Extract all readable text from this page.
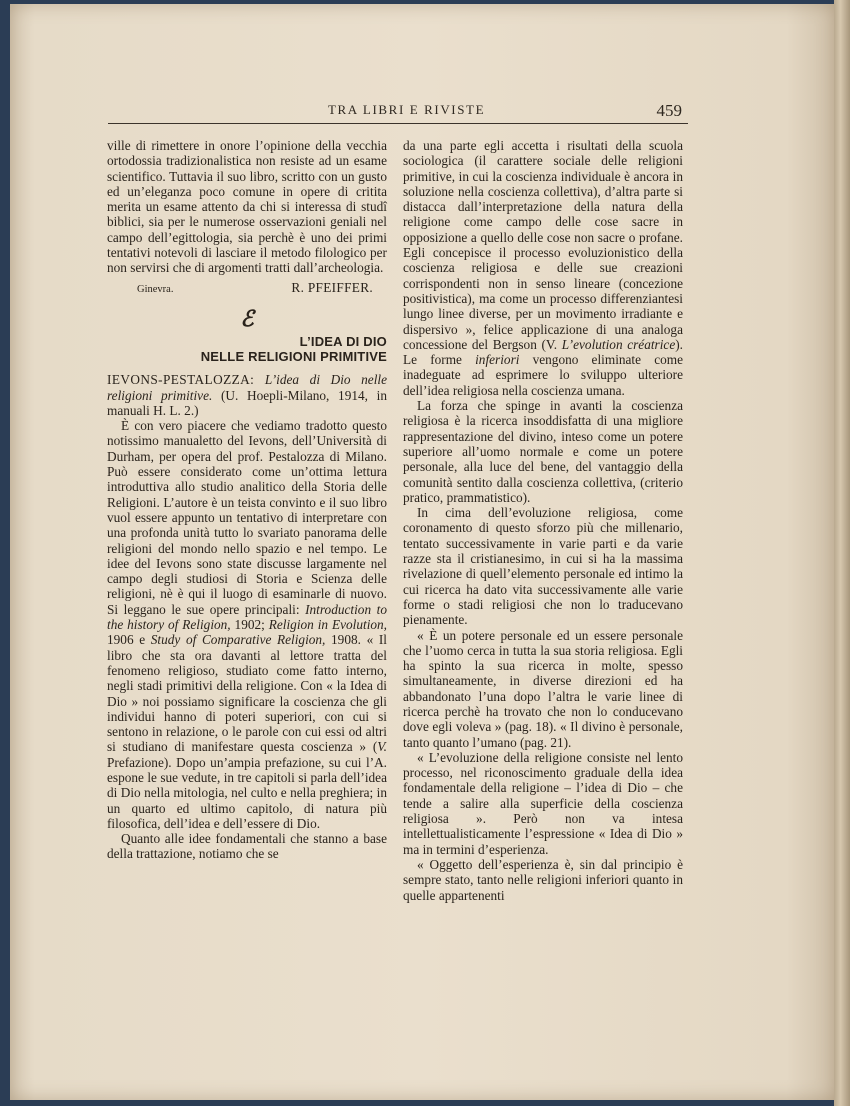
TRA LIBRI E RIVISTE	459

ville di rimettere in onore l’opinione della vecchia ortodossia tradizionalistica non resiste ad un esame scientifico. Tuttavia il suo libro, scritto con un gusto ed un’eleganza poco comune in opere di critita merita un esame attento da chi si interessa di studî biblici, sia per le numerose osservazioni geniali nel campo dell’egittologia, sia perchè è uno dei primi tentativi notevoli di lasciare il metodo filologico per non servirsi che di argomenti tratti dall’archeologia.

Ginevra.	R. PFEIFFER.
ℰ
L’IDEA DI DIO
NELLE RELIGIONI PRIMITIVE

IEVONS-PESTALOZZA: L’idea di Dio nelle religioni primitive. (U. Hoepli-Milano, 1914, in manuali H. L. 2.)

È con vero piacere che vediamo tradotto questo notissimo manualetto del Ievons, dell’Università di Durham, per opera del prof. Pestalozza di Milano. Può essere considerato come un’ottima lettura introduttiva allo studio analitico della Storia delle Religioni. L’autore è un teista convinto e il suo libro vuol essere appunto un tentativo di interpretare con una profonda unità tutto lo svariato panorama delle religioni del mondo nello spazio e nel tempo. Le idee del Ievons sono state discusse largamente nel campo degli studiosi di Storia e Scienza delle religioni, nè è qui il luogo di esaminarle di nuovo. Si leggano le sue opere principali: Introduction to the history of Religion, 1902; Religion in Evolution, 1906 e Study of Comparative Religion, 1908. « Il libro che sta ora davanti al lettore tratta del fenomeno religioso, studiato come fatto interno, negli stadi primitivi della religione. Con « la Idea di Dio » noi possiamo significare la coscienza che gli individui hanno di poteri superiori, con cui si sentono in relazione, o le parole con cui essi od altri si studiano di manifestare questa coscienza » (V. Prefazione). Dopo un’ampia prefazione, su cui l’A. espone le sue vedute, in tre capitoli si parla dell’idea di Dio nella mitologia, nel culto e nella preghiera; in un quarto ed ultimo capitolo, di natura più filosofica, dell’idea e dell’essere di Dio.

Quanto alle idee fondamentali che stanno a base della trattazione, notiamo che se

da una parte egli accetta i risultati della scuola sociologica (il carattere sociale delle religioni primitive, in cui la coscienza individuale è ancora in soluzione nella coscienza collettiva), d’altra parte si distacca dall’interpretazione della natura della religione come campo delle cose sacre in opposizione a quello delle cose non sacre o profane. Egli concepisce il processo evoluzionistico della coscienza religiosa e delle sue creazioni corrispondenti non in senso lineare (concezione positivistica), ma come un processo differenziantesi lungo linee diverse, per un movimento irradiante e dispersivo », felice applicazione di una analoga concessione del Bergson (V. L’evolution créatrice). Le forme inferiori vengono eliminate come inadeguate ad esprimere lo sviluppo ulteriore dell’idea religiosa nella coscienza umana.

La forza che spinge in avanti la coscienza religiosa è la ricerca insoddisfatta di una migliore rappresentazione del divino, inteso come un potere superiore all’uomo normale e come un potere personale, alla luce del bene, del vantaggio della comunità sentito dalla coscienza collettiva, (criterio pratico, prammatistico).

In cima dell’evoluzione religiosa, come coronamento di questo sforzo più che millenario, tentato successivamente in varie parti e da varie razze sta il cristianesimo, in cui si ha la massima rivelazione di quell’elemento personale ed intimo la cui ricerca ha dato vita successivamente alle varie forme o stadi religiosi che non lo traducevano pienamente.

« È un potere personale ed un essere personale che l’uomo cerca in tutta la sua storia religiosa. Egli ha spinto la sua ricerca in molte, spesso simultaneamente, in diverse direzioni ed ha abbandonato l’una dopo l’altra le varie linee di ricerca perchè ha trovato che non lo conducevano dove egli voleva » (pag. 18). « Il divino è personale, tanto quanto l’umano (pag. 21).

« L’evoluzione della religione consiste nel lento processo, nel riconoscimento graduale della idea fondamentale della religione – l’idea di Dio – che tende a salire alla superficie della coscienza religiosa ». Però non va intesa intellettualisticamente l’espressione « Idea di Dio » ma in termini d’esperienza.

« Oggetto dell’esperienza è, sin dal principio è sempre stato, tanto nelle religioni inferiori quanto in quelle appartenenti
